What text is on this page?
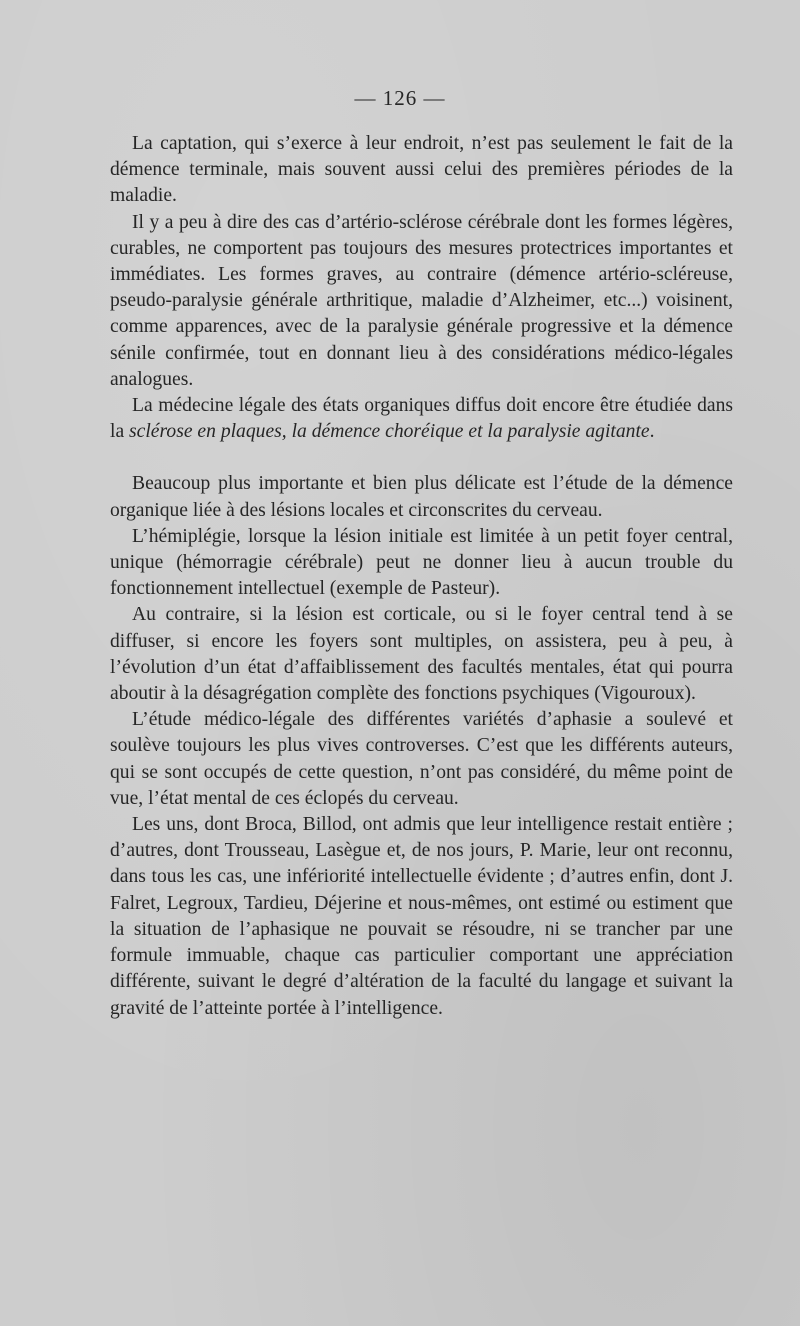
— 126 —

La captation, qui s’exerce à leur endroit, n’est pas seulement le fait de la démence terminale, mais souvent aussi celui des premières périodes de la maladie.

Il y a peu à dire des cas d’artério-sclérose cérébrale dont les formes légères, curables, ne comportent pas toujours des mesures protectrices importantes et immédiates. Les formes graves, au contraire (démence artério-scléreuse, pseudo-paralysie générale arthritique, maladie d’Alzheimer, etc...) voisinent, comme apparences, avec de la paralysie générale progressive et la démence sénile confirmée, tout en donnant lieu à des considérations médico-légales analogues.

La médecine légale des états organiques diffus doit encore être étudiée dans la sclérose en plaques, la démence choréique et la paralysie agitante.

Beaucoup plus importante et bien plus délicate est l’étude de la démence organique liée à des lésions locales et circonscrites du cerveau.

L’hémiplégie, lorsque la lésion initiale est limitée à un petit foyer central, unique (hémorragie cérébrale) peut ne donner lieu à aucun trouble du fonctionnement intellectuel (exemple de Pasteur).

Au contraire, si la lésion est corticale, ou si le foyer central tend à se diffuser, si encore les foyers sont multiples, on assistera, peu à peu, à l’évolution d’un état d’affaiblissement des facultés mentales, état qui pourra aboutir à la désagrégation complète des fonctions psychiques (Vigouroux).

L’étude médico-légale des différentes variétés d’aphasie a soulevé et soulève toujours les plus vives controverses. C’est que les différents auteurs, qui se sont occupés de cette question, n’ont pas considéré, du même point de vue, l’état mental de ces éclopés du cerveau.

Les uns, dont Broca, Billod, ont admis que leur intelligence restait entière ; d’autres, dont Trousseau, Lasègue et, de nos jours, P. Marie, leur ont reconnu, dans tous les cas, une infériorité intellectuelle évidente ; d’autres enfin, dont J. Falret, Legroux, Tardieu, Déjerine et nous-mêmes, ont estimé ou estiment que la situation de l’aphasique ne pouvait se résoudre, ni se trancher par une formule immuable, chaque cas particulier comportant une appréciation différente, suivant le degré d’altération de la faculté du langage et suivant la gravité de l’atteinte portée à l’intelligence.
